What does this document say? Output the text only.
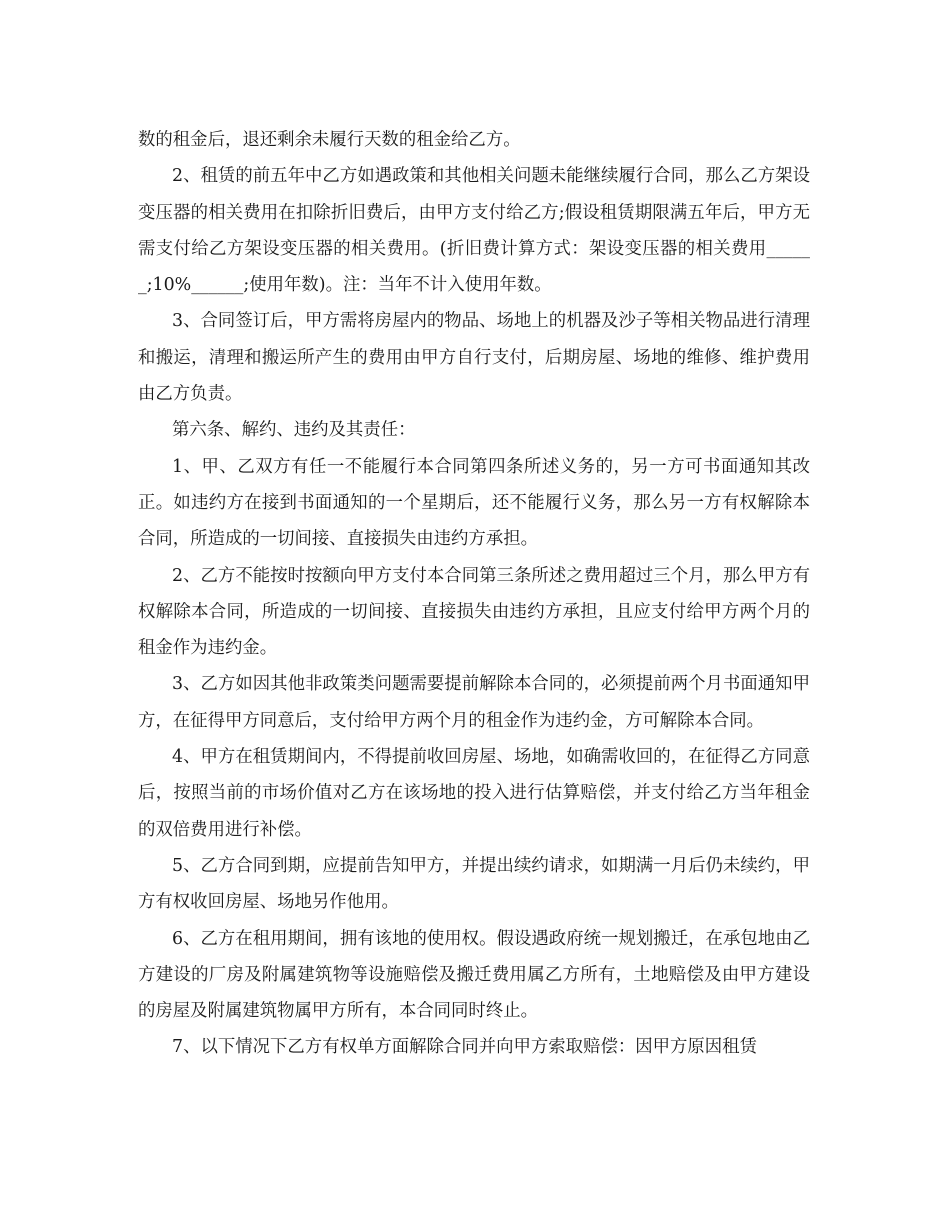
数的租金后，退还剩余未履行天数的租金给乙方。

2、租赁的前五年中乙方如遇政策和其他相关问题未能继续履行合同，那么乙方架设变压器的相关费用在扣除折旧费后，由甲方支付给乙方;假设租赁期限满五年后，甲方无需支付给乙方架设变压器的相关费用。(折旧费计算方式：架设变压器的相关费用______;10%______;使用年数)。注：当年不计入使用年数。

3、合同签订后，甲方需将房屋内的物品、场地上的机器及沙子等相关物品进行清理和搬运，清理和搬运所产生的费用由甲方自行支付，后期房屋、场地的维修、维护费用由乙方负责。

第六条、解约、违约及其责任：

1、甲、乙双方有任一不能履行本合同第四条所述义务的，另一方可书面通知其改正。如违约方在接到书面通知的一个星期后，还不能履行义务，那么另一方有权解除本合同，所造成的一切间接、直接损失由违约方承担。

2、乙方不能按时按额向甲方支付本合同第三条所述之费用超过三个月，那么甲方有权解除本合同，所造成的一切间接、直接损失由违约方承担，且应支付给甲方两个月的租金作为违约金。

3、乙方如因其他非政策类问题需要提前解除本合同的，必须提前两个月书面通知甲方，在征得甲方同意后，支付给甲方两个月的租金作为违约金，方可解除本合同。

4、甲方在租赁期间内，不得提前收回房屋、场地，如确需收回的，在征得乙方同意后，按照当前的市场价值对乙方在该场地的投入进行估算赔偿，并支付给乙方当年租金的双倍费用进行补偿。

5、乙方合同到期，应提前告知甲方，并提出续约请求，如期满一月后仍未续约，甲方有权收回房屋、场地另作他用。

6、乙方在租用期间，拥有该地的使用权。假设遇政府统一规划搬迁，在承包地由乙方建设的厂房及附属建筑物等设施赔偿及搬迁费用属乙方所有，土地赔偿及由甲方建设的房屋及附属建筑物属甲方所有，本合同同时终止。

7、以下情况下乙方有权单方面解除合同并向甲方索取赔偿：因甲方原因租赁
